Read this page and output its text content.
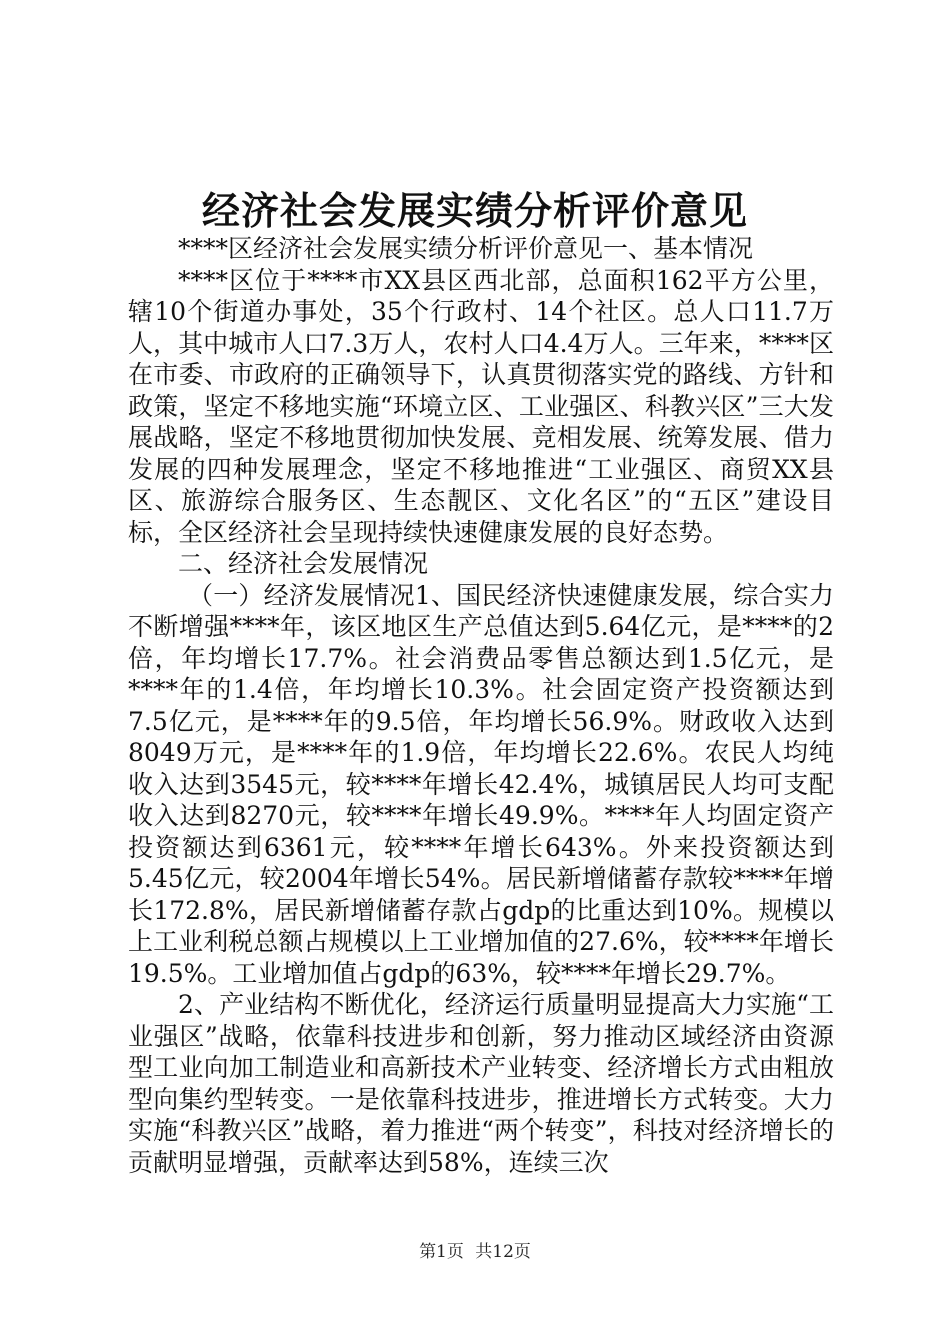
经济社会发展实绩分析评价意见

****区经济社会发展实绩分析评价意见一、基本情况

****区位于****市XX县区西北部，总面积162平方公里，辖10个街道办事处，35个行政村、14个社区。总人口11.7万人，其中城市人口7.3万人，农村人口4.4万人。三年来，****区在市委、市政府的正确领导下，认真贯彻落实党的路线、方针和政策，坚定不移地实施“环境立区、工业强区、科教兴区”三大发展战略，坚定不移地贯彻加快发展、竞相发展、统筹发展、借力发展的四种发展理念，坚定不移地推进“工业强区、商贸XX县区、旅游综合服务区、生态靓区、文化名区”的“五区”建设目标，全区经济社会呈现持续快速健康发展的良好态势。

二、经济社会发展情况

（一）经济发展情况1、国民经济快速健康发展，综合实力不断增强****年，该区地区生产总值达到5.64亿元，是****的2倍，年均增长17.7%。社会消费品零售总额达到1.5亿元，是****年的1.4倍，年均增长10.3%。社会固定资产投资额达到7.5亿元，是****年的9.5倍，年均增长56.9%。财政收入达到8049万元，是****年的1.9倍，年均增长22.6%。农民人均纯收入达到3545元，较****年增长42.4%，城镇居民人均可支配收入达到8270元，较****年增长49.9%。****年人均固定资产投资额达到6361元，较****年增长643%。外来投资额达到5.45亿元，较2004年增长54%。居民新增储蓄存款较****年增长172.8%，居民新增储蓄存款占gdp的比重达到10%。规模以上工业利税总额占规模以上工业增加值的27.6%，较****年增长19.5%。工业增加值占gdp的63%，较****年增长29.7%。

2、产业结构不断优化，经济运行质量明显提高大力实施“工业强区”战略，依靠科技进步和创新，努力推动区域经济由资源型工业向加工制造业和高新技术产业转变、经济增长方式由粗放型向集约型转变。一是依靠科技进步，推进增长方式转变。大力实施“科教兴区”战略，着力推进“两个转变”，科技对经济增长的贡献明显增强，贡献率达到58%，连续三次

第1页 共12页
